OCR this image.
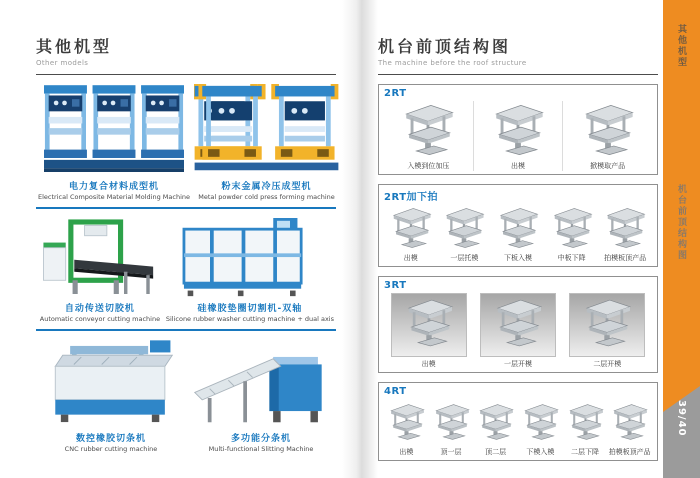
其他机型
Other models
电力复合材料成型机
Electrical Composite Material Molding Machine
粉末金属冷压成型机
Metal powder cold press forming machine
自动传送切胶机
Automatic conveyor cutting machine
硅橡胶垫圈切割机-双轴
Silicone rubber washer cutting machine + dual axis
数控橡胶切条机
CNC rubber cutting machine
多功能分条机
Multi-functional Slitting Machine
机台前顶结构图
The machine before the roof structure
2RT
入模到位加压	出模	掀模取产品
2RT加下拍
出模	一层托模	下板入模	中板下降	拍模板顶产品
3RT
出模	一层开模	二层开模
4RT
出模	顶一层	顶二层	下模入模 二层下降 拍模板顶产品
其他机型
机台前顶结构图
39/40
